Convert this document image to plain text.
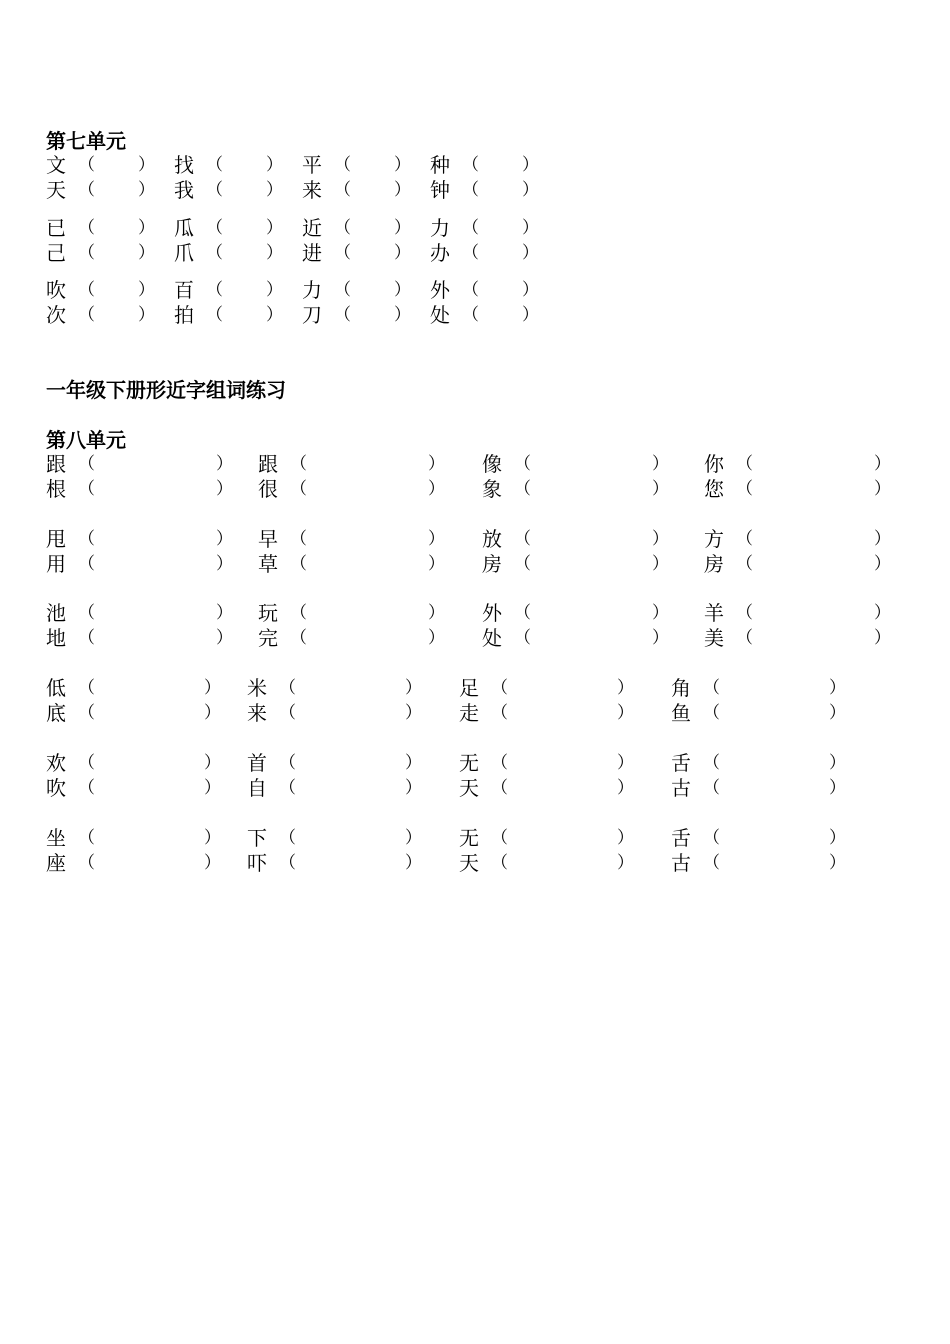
第七单元
文 （	） 找 （	） 平 （	） 种 （	）
天 （	） 我 （	） 来 （	） 钟 （	）
已 （	） 瓜 （	） 近 （	） 力 （	）
己 （	） 爪 （	） 进 （	） 办 （	）
吹 （	） 百 （	） 力 （	） 外 （	）
次 （	） 拍 （	） 刀 （	） 处 （	）
一年级下册形近字组词练习
第八单元
跟 （	） 跟 （	） 像 （	） 你 （	）
根 （	） 很 （	） 象 （	） 您 （	）
甩 （	） 早 （	） 放 （	） 方 （	）
用 （	） 草 （	） 房 （	） 房 （	）
池 （	） 玩 （	） 外 （	） 羊 （	）
地 （	） 完 （	） 处 （	） 美 （	）
低 （	） 米 （	） 足 （	） 角 （	）
底 （	） 来 （	） 走 （	） 鱼 （	）
欢 （	） 首 （	） 无 （	） 舌 （	）
吹 （	） 自 （	） 天 （	） 古 （	）
坐 （	） 下 （	） 无 （	） 舌 （	）
座 （	） 吓 （	） 天 （	） 古 （	）
